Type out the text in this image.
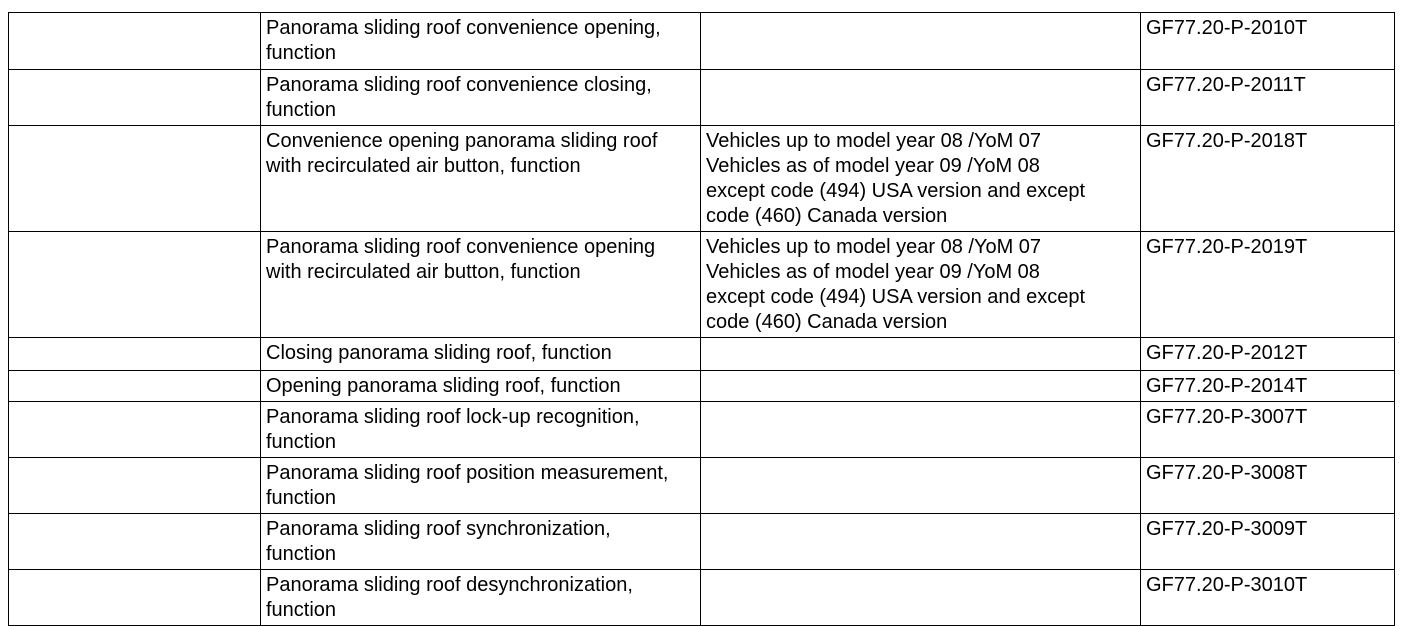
	Panorama sliding roof convenience opening,
function		GF77.20-P-2010T
	Panorama sliding roof convenience closing,
function		GF77.20-P-2011T
	Convenience opening panorama sliding roof
with recirculated air button, function	Vehicles up to model year 08 /YoM 07
Vehicles as of model year 09 /YoM 08
except code (494) USA version and except
code (460) Canada version	GF77.20-P-2018T
	Panorama sliding roof convenience opening
with recirculated air button, function	Vehicles up to model year 08 /YoM 07
Vehicles as of model year 09 /YoM 08
except code (494) USA version and except
code (460) Canada version	GF77.20-P-2019T
	Closing panorama sliding roof, function		GF77.20-P-2012T
	Opening panorama sliding roof, function		GF77.20-P-2014T
	Panorama sliding roof lock-up recognition,
function		GF77.20-P-3007T
	Panorama sliding roof position measurement,
function		GF77.20-P-3008T
	Panorama sliding roof synchronization,
function		GF77.20-P-3009T
	Panorama sliding roof desynchronization,
function		GF77.20-P-3010T
